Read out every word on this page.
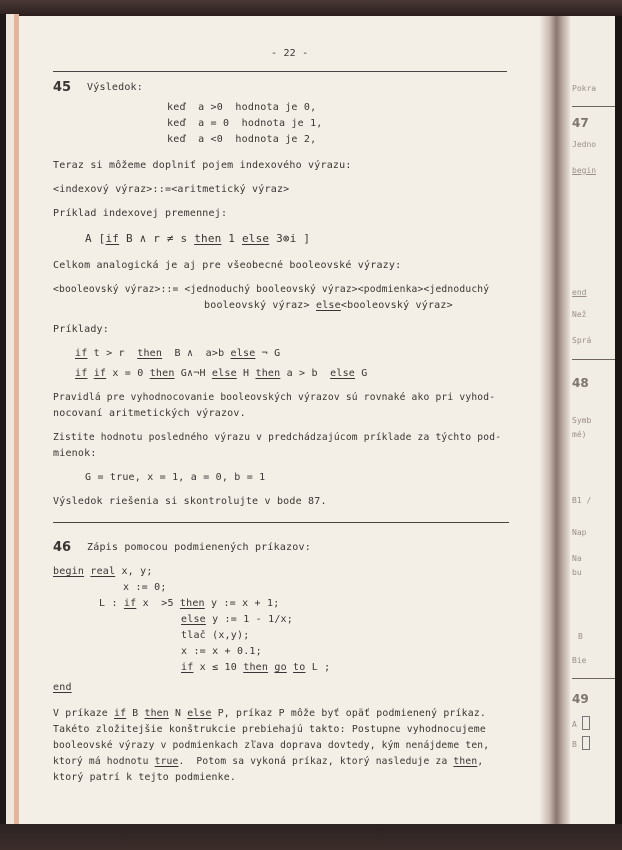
- 22 -
45 Výsledok:
keď  a >0  hodnota je 0,
keď  a = 0  hodnota je 1,
keď  a <0  hodnota je 2,
Teraz si môžeme doplniť pojem indexového výrazu:
<indexový výraz>::=<aritmetický výraz>
Príklad indexovej premennej:
A [if B ∧ r ≠ s then 1 else 3⊗i ]
Celkom analogická je aj pre všeobecné booleovské výrazy:
<booleovský výraz>::= <jednoduchý booleovský výraz><podmienka><jednoduchý
booleovský výraz> else<booleovský výraz>
Príklady:
if t > r  then  B ∧  a>b else ¬ G
if if x = 0 then G∧¬H else H then a > b  else G
Pravidlá pre vyhodnocovanie booleovských výrazov sú rovnaké ako pri vyhod-
nocovaní aritmetických výrazov.
Zistite hodnotu posledného výrazu v predchádzajúcom príklade za týchto pod-
mienok:
G = true, x = 1, a = 0, b = 1
Výsledok riešenia si skontrolujte v bode 87.
46 Zápis pomocou podmienených príkazov:
begin real x, y;
x := 0;
L : if x  >5 then y := x + 1;
else y := 1 - 1/x;
tlač (x,y);
x := x + 0.1;
if x ≤ 10 then go to L ;
end
V príkaze if B then N else P, príkaz P môže byť opäť podmienený príkaz.
Takéto zložitejšie konštrukcie prebiehajú takto: Postupne vyhodnocujeme
booleovské výrazy v podmienkach zľava doprava dovtedy, kým nenájdeme ten,
ktorý má hodnotu true.  Potom sa vykoná príkaz, ktorý nasleduje za then,
ktorý patrí k tejto podmienke.
Pokra
47
Jedno
begin
end
Než
Sprá
48
Symb
mé)
B1 /
Nap
Na
bu
B
Bie
49
A
B
